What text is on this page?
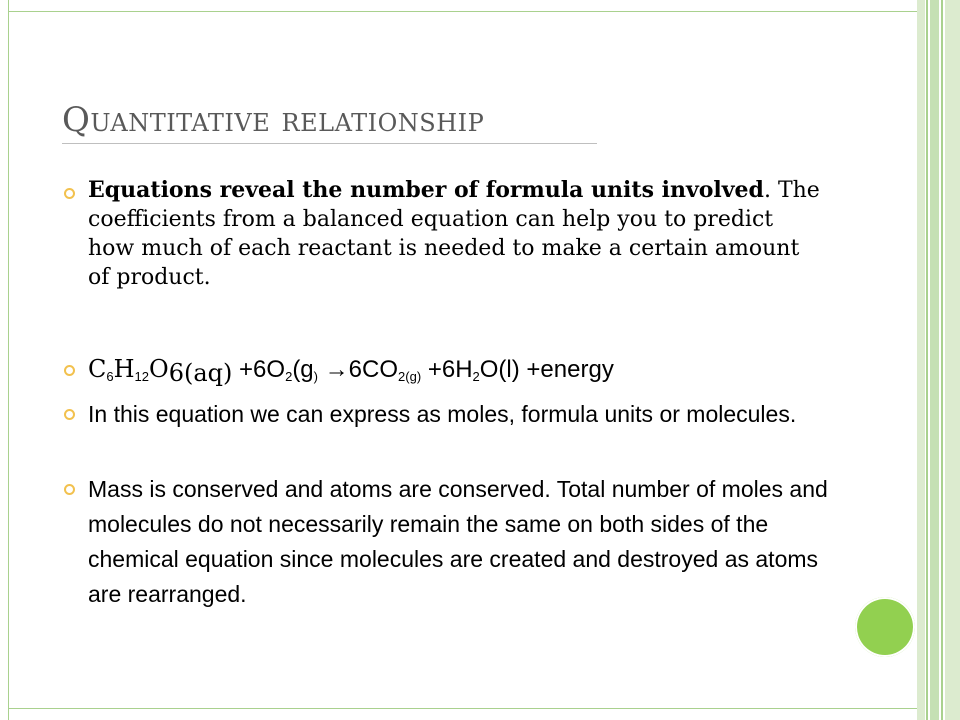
Quantitative relationship

Equations reveal the number of formula units involved. The coefficients from a balanced equation can help you to predict how much of each reactant is needed to make a certain amount of product.

$C_6H_{12}O_{6(aq)} +6O_2(g_) \to 6CO_{2(g)} +6H_2O(l)$ +energy

In this equation we can express as moles, formula units or molecules.

Mass is conserved and atoms are conserved. Total number of moles and molecules do not necessarily remain the same on both sides of the chemical equation since molecules are created and destroyed as atoms are rearranged.
